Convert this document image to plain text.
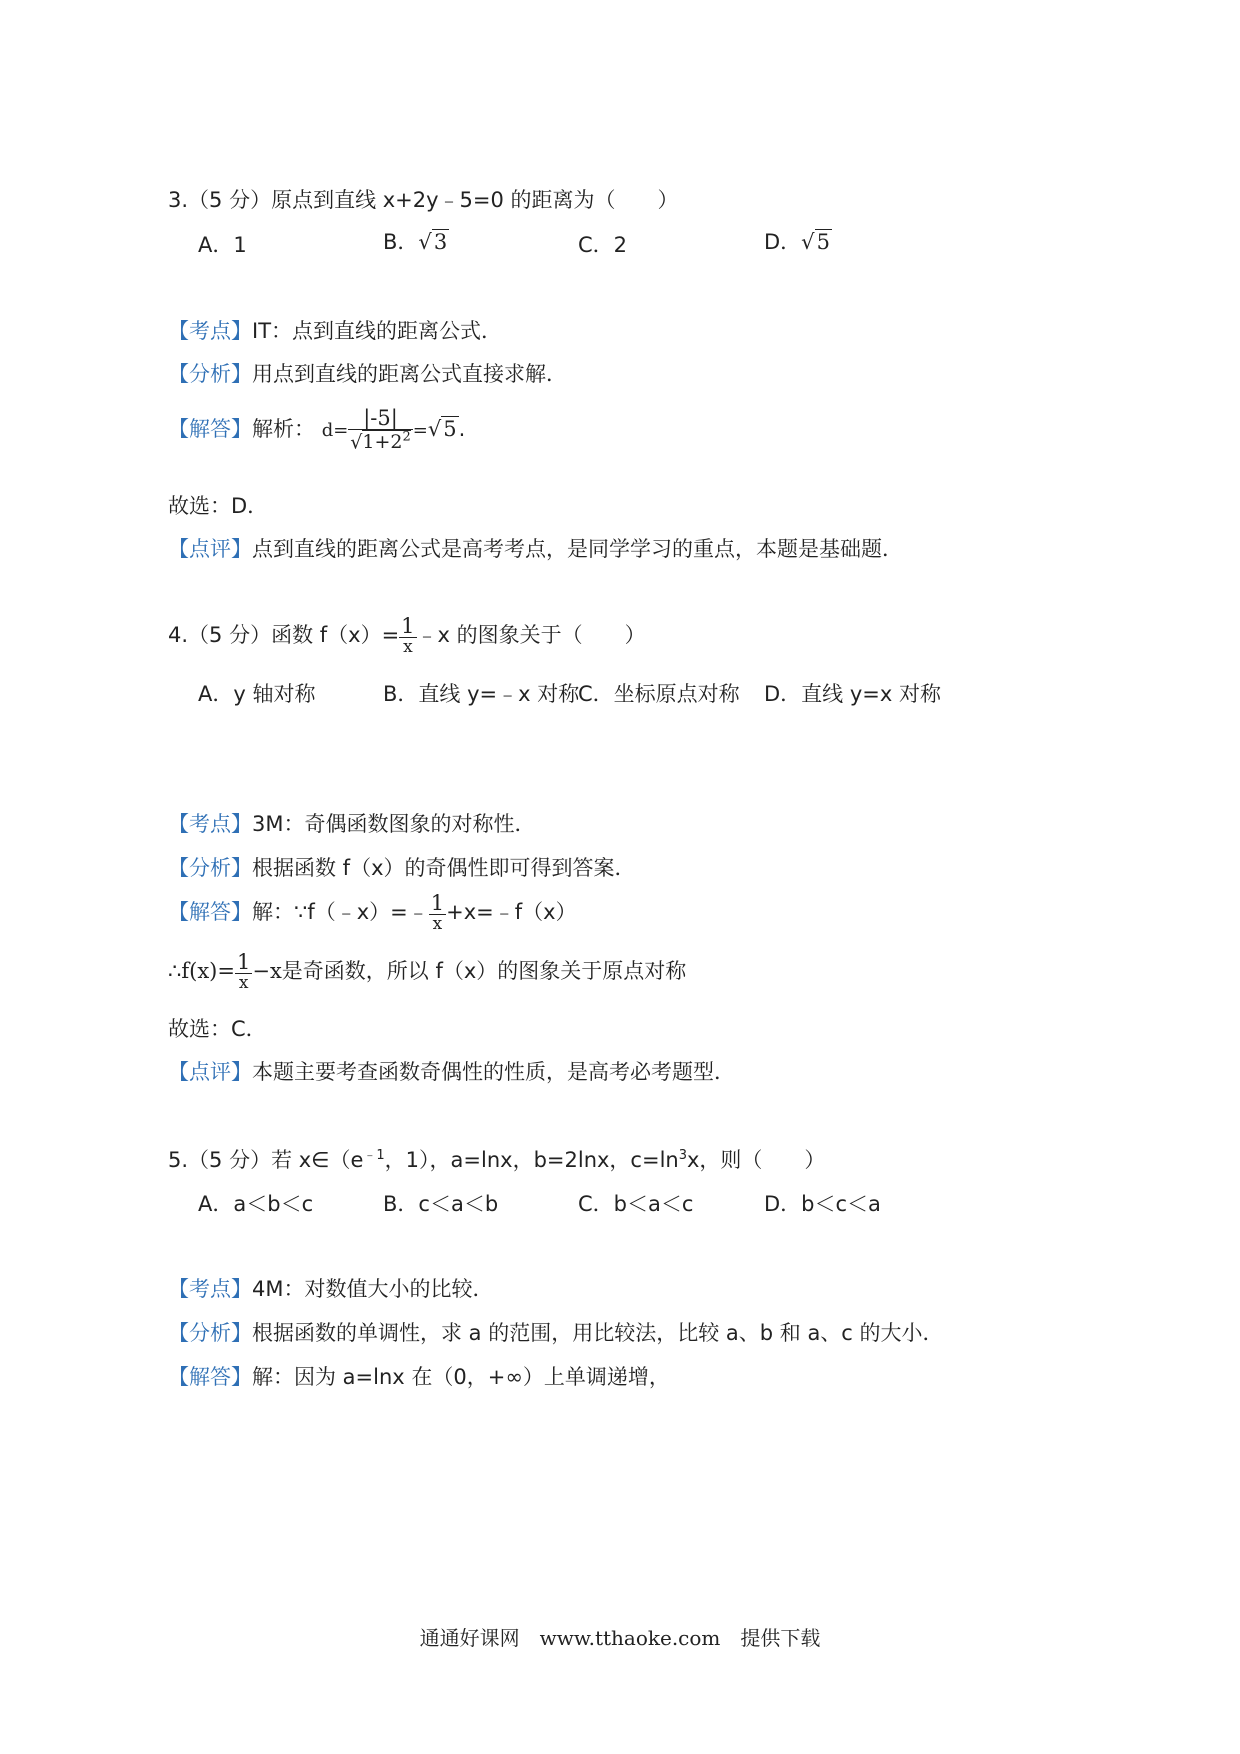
3.（5 分）原点到直线 x+2y﹣5=0 的距离为（　　）
A．1	B．√3	C．2	D．√5
【考点】IT：点到直线的距离公式．
【分析】用点到直线的距离公式直接求解．
【解答】解析： $d= \frac{|-5|}{√1+2^2} =√5$.
故选：D．
【点评】点到直线的距离公式是高考考点，是同学学习的重点，本题是基础题．
4.（5 分）函数 $f(x)= \frac{1}{x}$ ﹣x 的图象关于（　　）
A．y 轴对称	B．直线 y=﹣x 对称
C．坐标原点对称 D．直线 y=x 对称
【考点】3M：奇偶函数图象的对称性．
【分析】根据函数 f（x）的奇偶性即可得到答案．
【解答】解：∵f（﹣x）=﹣ $\frac{1}{x}$ +x=﹣f（x）
∴f(x)= $\frac{1}{x} -x$是奇函数，所以 f（x）的图象关于原点对称
故选：C．
【点评】本题主要考查函数奇偶性的性质，是高考必考题型．
5.（5 分）若 $x\in(e^{﹣1}$，1），a=lnx，b=2lnx，$c=\ln^3x$，则（　　）
A．a＜b＜c	B．c＜a＜b	C．b＜a＜c	D．b＜c＜a
【考点】4M：对数值大小的比较．
【分析】根据函数的单调性，求 a 的范围，用比较法，比较 a、b 和 a、c 的大小．
【解答】解：因为 a=lnx 在（0，+∞）上单调递增，
通通好课网　www.tthaoke.com　提供下载
